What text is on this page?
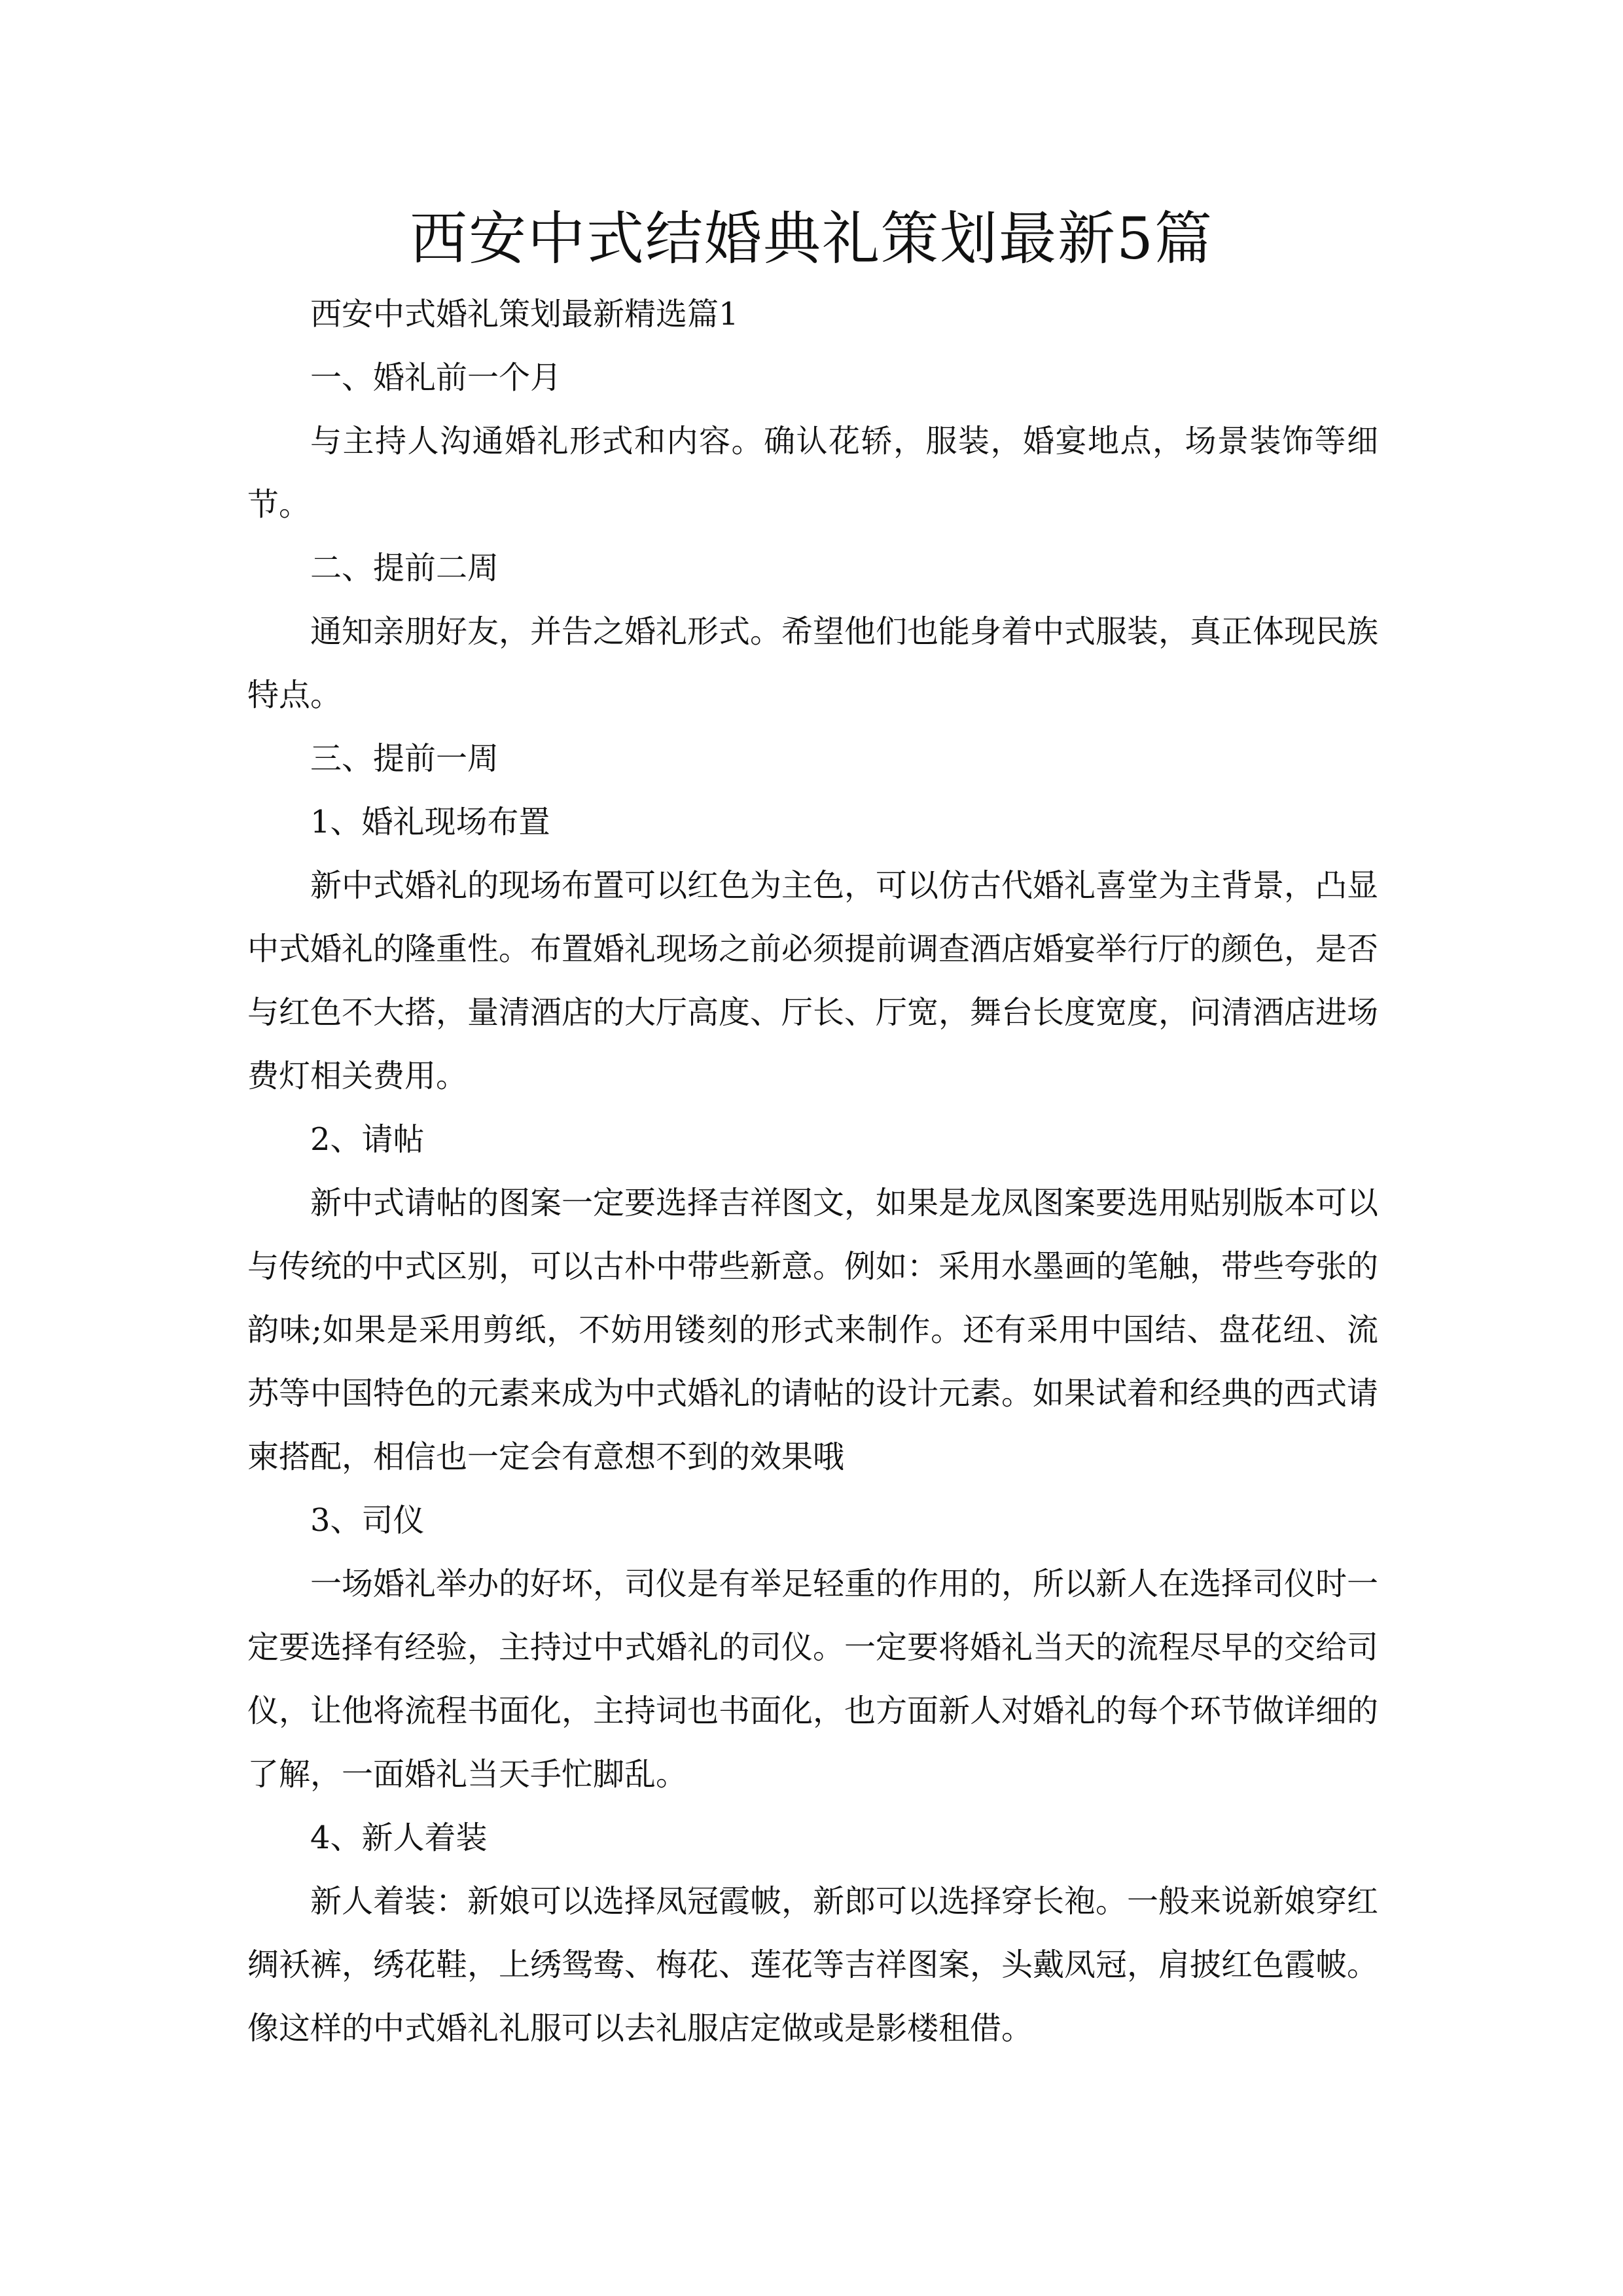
西安中式结婚典礼策划最新5篇

西安中式婚礼策划最新精选篇1

一、婚礼前一个月

与主持人沟通婚礼形式和内容。确认花轿，服装，婚宴地点，场景装饰等细节。

二、提前二周

通知亲朋好友，并告之婚礼形式。希望他们也能身着中式服装，真正体现民族特点。

三、提前一周

1、婚礼现场布置

新中式婚礼的现场布置可以红色为主色，可以仿古代婚礼喜堂为主背景，凸显中式婚礼的隆重性。布置婚礼现场之前必须提前调查酒店婚宴举行厅的颜色，是否与红色不大搭，量清酒店的大厅高度、厅长、厅宽，舞台长度宽度，问清酒店进场费灯相关费用。

2、请帖

新中式请帖的图案一定要选择吉祥图文，如果是龙凤图案要选用贴别版本可以与传统的中式区别，可以古朴中带些新意。例如：采用水墨画的笔触，带些夸张的韵味;如果是采用剪纸，不妨用镂刻的形式来制作。还有采用中国结、盘花纽、流苏等中国特色的元素来成为中式婚礼的请帖的设计元素。如果试着和经典的西式请柬搭配，相信也一定会有意想不到的效果哦

3、司仪

一场婚礼举办的好坏，司仪是有举足轻重的作用的，所以新人在选择司仪时一定要选择有经验，主持过中式婚礼的司仪。一定要将婚礼当天的流程尽早的交给司仪，让他将流程书面化，主持词也书面化，也方面新人对婚礼的每个环节做详细的了解，一面婚礼当天手忙脚乱。

4、新人着装

新人着装：新娘可以选择凤冠霞帔，新郎可以选择穿长袍。一般来说新娘穿红绸袄裤，绣花鞋，上绣鸳鸯、梅花、莲花等吉祥图案，头戴凤冠，肩披红色霞帔。像这样的中式婚礼礼服可以去礼服店定做或是影楼租借。
